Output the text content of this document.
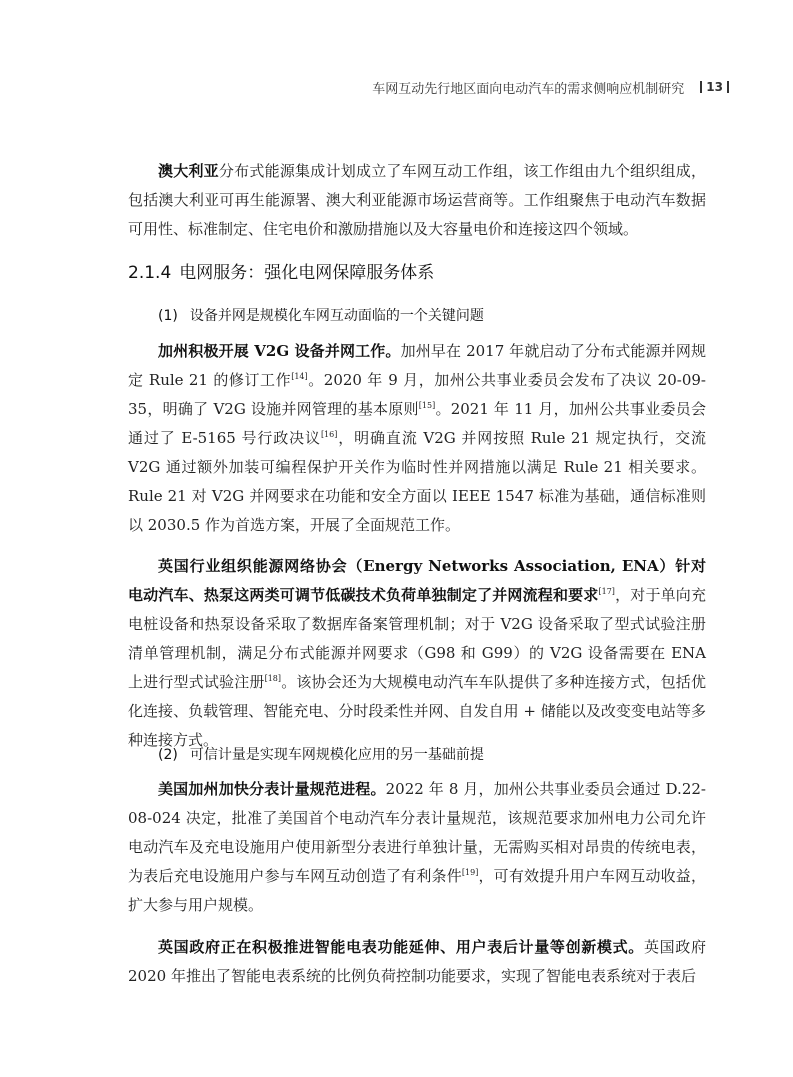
车网互动先行地区面向电动汽车的需求侧响应机制研究 13

澳大利亚分布式能源集成计划成立了车网互动工作组，该工作组由九个组织组成，包括澳大利亚可再生能源署、澳大利亚能源市场运营商等。工作组聚焦于电动汽车数据可用性、标准制定、住宅电价和激励措施以及大容量电价和连接这四个领域。

2.1.4 电网服务：强化电网保障服务体系
(1) 设备并网是规模化车网互动面临的一个关键问题

加州积极开展 V2G 设备并网工作。加州早在 2017 年就启动了分布式能源并网规定 Rule 21 的修订工作[14]。2020 年 9 月，加州公共事业委员会发布了决议 20-09-35，明确了 V2G 设施并网管理的基本原则[15]。2021 年 11 月，加州公共事业委员会通过了 E-5165 号行政决议[16]，明确直流 V2G 并网按照 Rule 21 规定执行，交流 V2G 通过额外加装可编程保护开关作为临时性并网措施以满足 Rule 21 相关要求。Rule 21 对 V2G 并网要求在功能和安全方面以 IEEE 1547 标准为基础，通信标准则以 2030.5 作为首选方案，开展了全面规范工作。

英国行业组织能源网络协会（Energy Networks Association, ENA）针对电动汽车、热泵这两类可调节低碳技术负荷单独制定了并网流程和要求[17]，对于单向充电桩设备和热泵设备采取了数据库备案管理机制；对于 V2G 设备采取了型式试验注册清单管理机制，满足分布式能源并网要求（G98 和 G99）的 V2G 设备需要在 ENA 上进行型式试验注册[18]。该协会还为大规模电动汽车车队提供了多种连接方式，包括优化连接、负载管理、智能充电、分时段柔性并网、自发自用 + 储能以及改变变电站等多种连接方式。

(2) 可信计量是实现车网规模化应用的另一基础前提

美国加州加快分表计量规范进程。2022 年 8 月，加州公共事业委员会通过 D.22-08-024 决定，批准了美国首个电动汽车分表计量规范，该规范要求加州电力公司允许电动汽车及充电设施用户使用新型分表进行单独计量，无需购买相对昂贵的传统电表，为表后充电设施用户参与车网互动创造了有利条件[19]，可有效提升用户车网互动收益，扩大参与用户规模。

英国政府正在积极推进智能电表功能延伸、用户表后计量等创新模式。英国政府 2020 年推出了智能电表系统的比例负荷控制功能要求，实现了智能电表系统对于表后
